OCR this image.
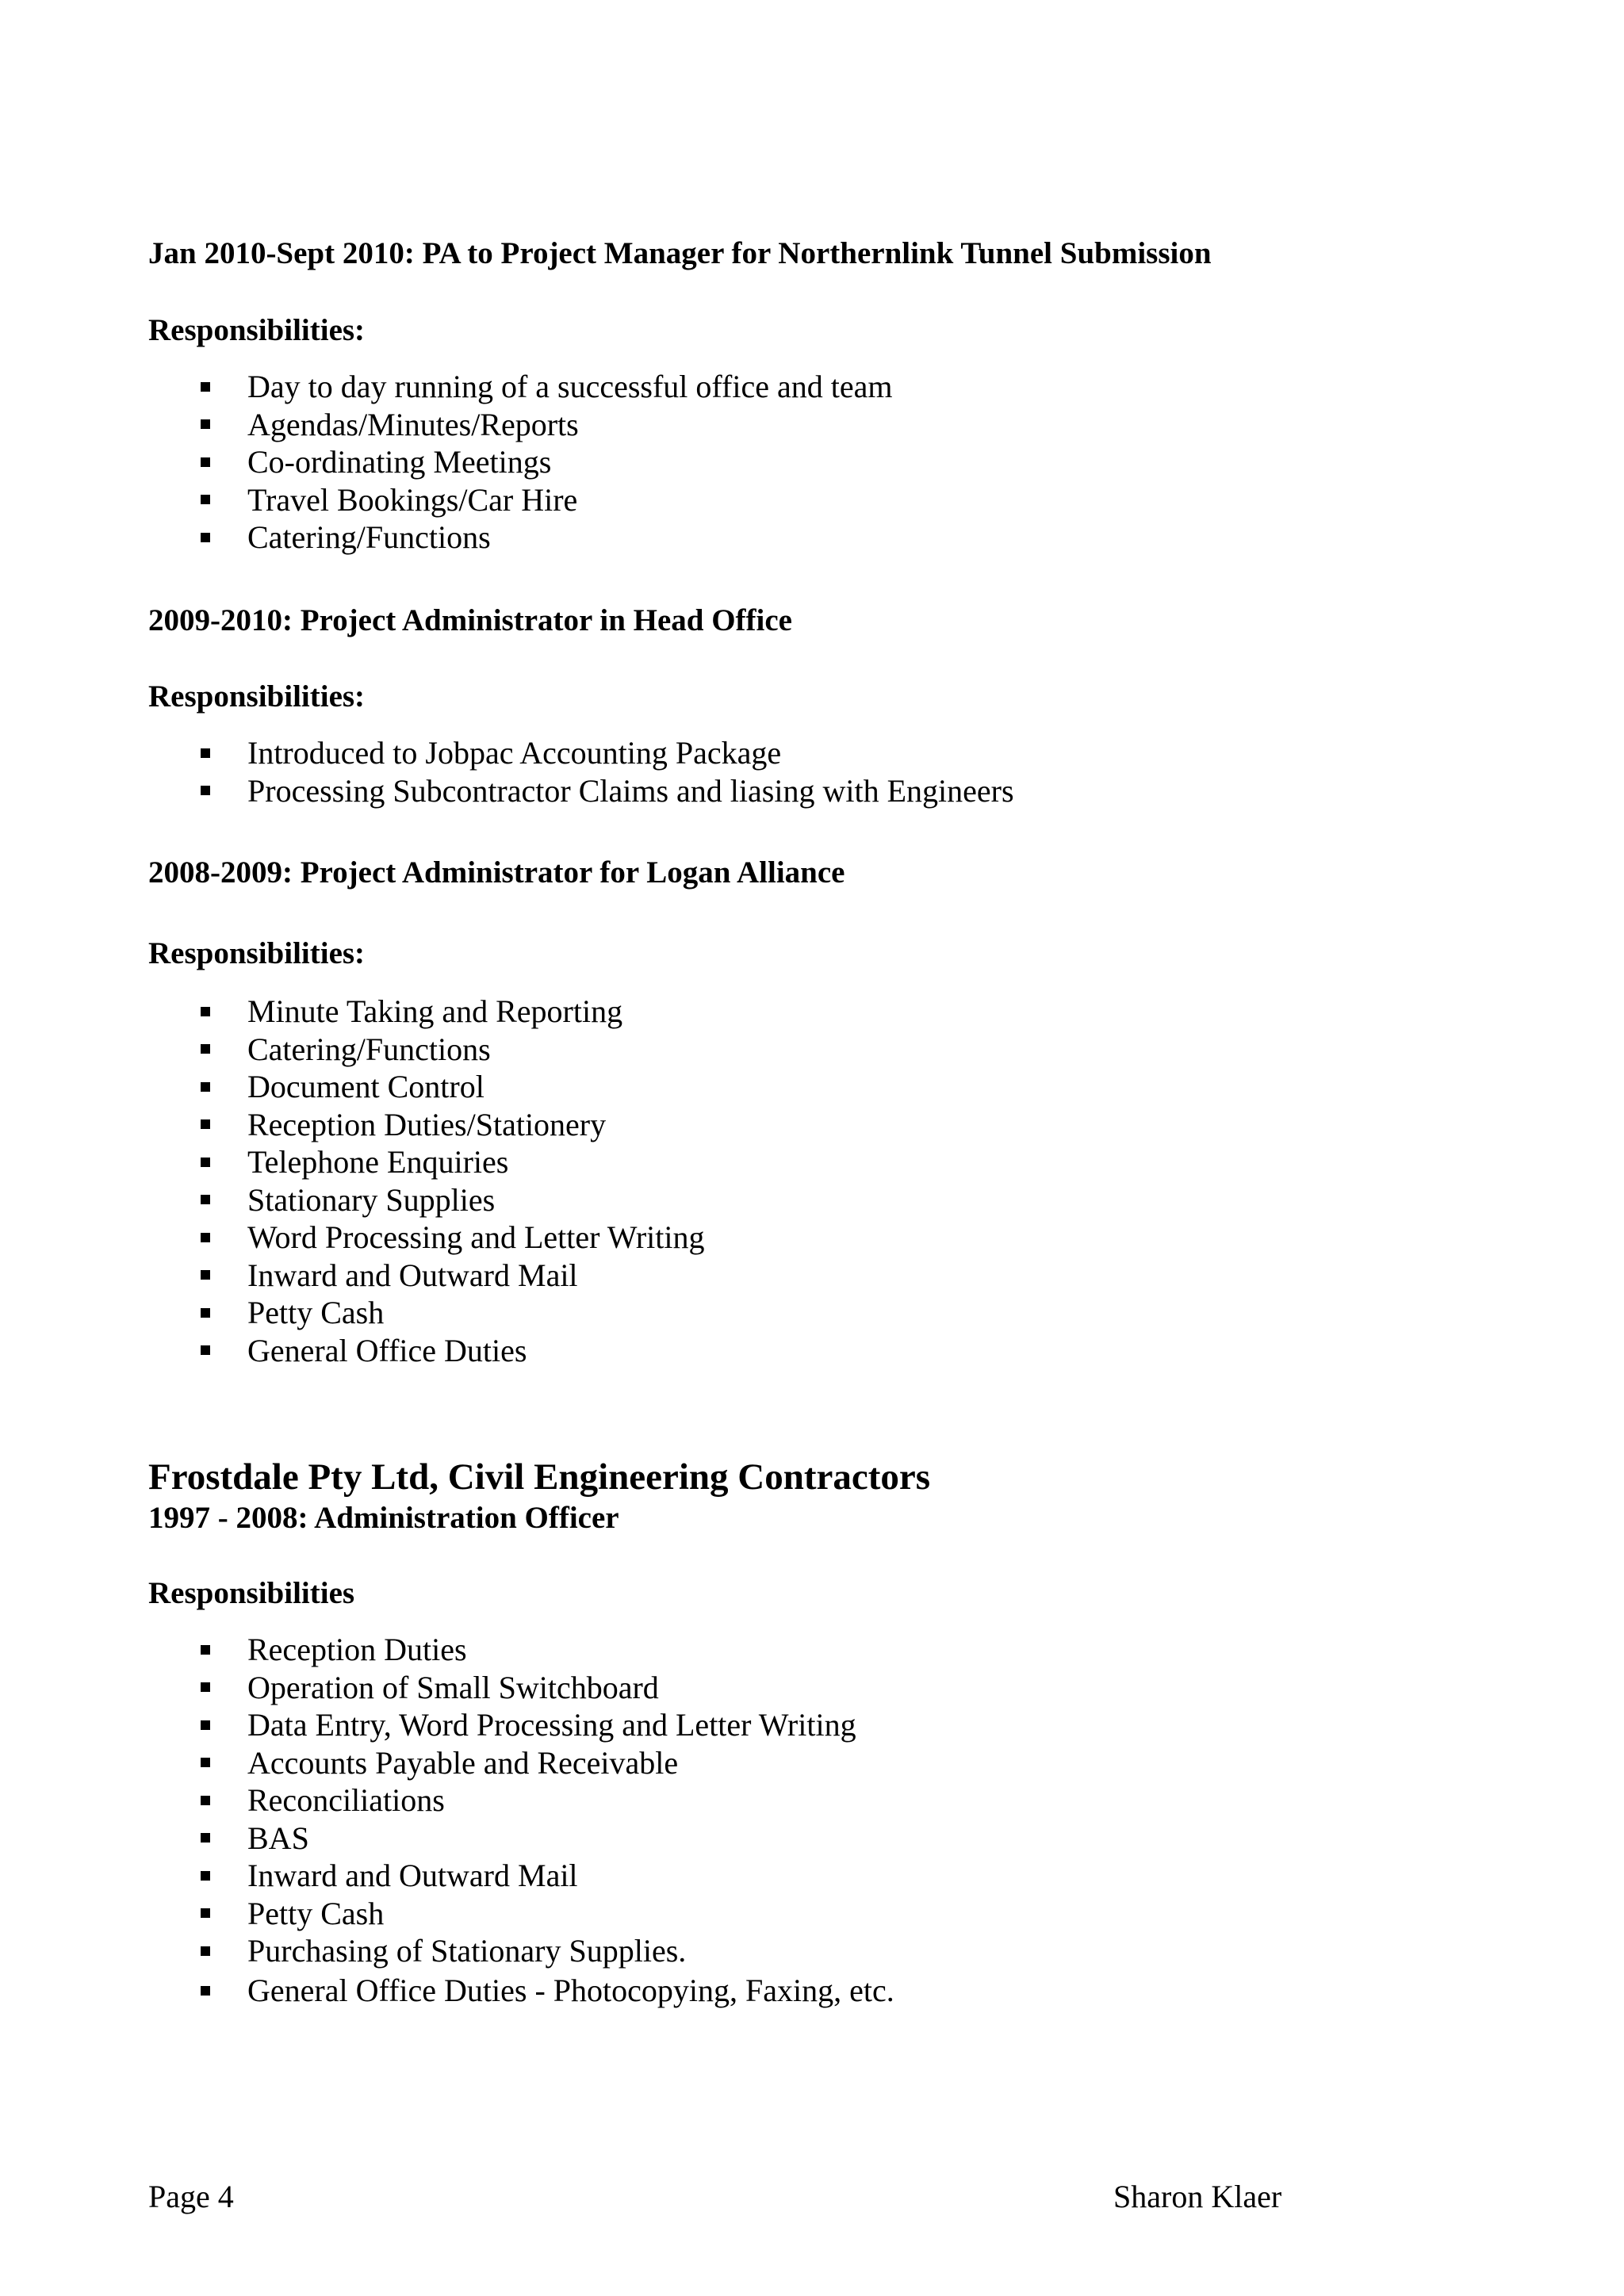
Jan 2010-Sept 2010: PA to Project Manager for Northernlink Tunnel Submission
Responsibilities:
Day to day running of a successful office and team
Agendas/Minutes/Reports
Co-ordinating Meetings
Travel Bookings/Car Hire
Catering/Functions
2009-2010: Project Administrator in Head Office
Responsibilities:
Introduced to Jobpac Accounting Package
Processing Subcontractor Claims and liasing with Engineers
2008-2009: Project Administrator for Logan Alliance
Responsibilities:
Minute Taking and Reporting
Catering/Functions
Document Control
Reception Duties/Stationery
Telephone Enquiries
Stationary Supplies
Word Processing and Letter Writing
Inward and Outward Mail
Petty Cash
General Office Duties
Frostdale Pty Ltd, Civil Engineering Contractors
1997 - 2008: Administration Officer
Responsibilities
Reception Duties
Operation of Small Switchboard
Data Entry, Word Processing and Letter Writing
Accounts Payable and Receivable
Reconciliations
BAS
Inward and Outward Mail
Petty Cash
Purchasing of Stationary Supplies.
General Office Duties - Photocopying, Faxing, etc.
Page 4	Sharon Klaer
